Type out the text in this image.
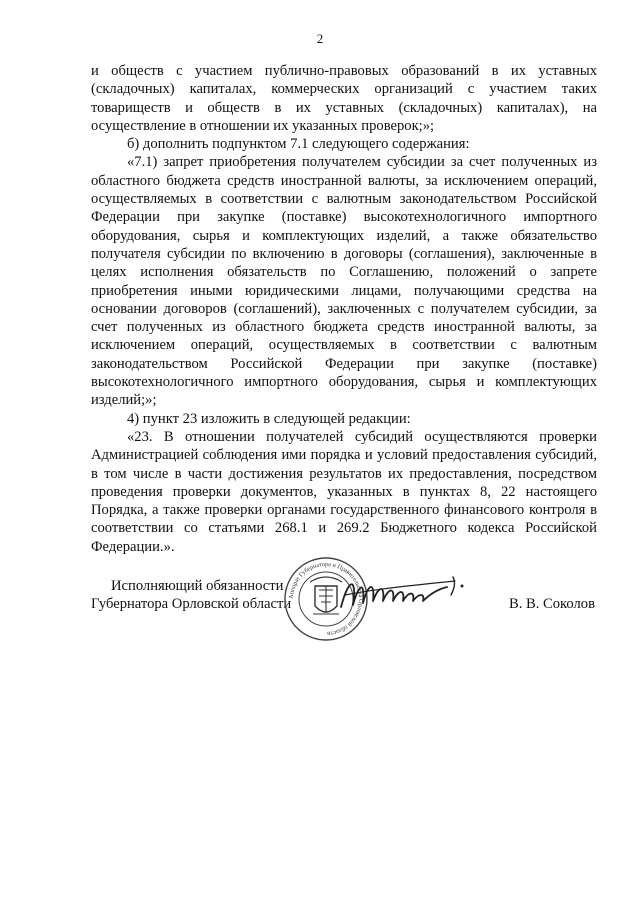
2

и обществ с участием публично-правовых образований в их уставных (складочных) капиталах, коммерческих организаций с участием таких товариществ и обществ в их уставных (складочных) капиталах), на осуществление в отношении их указанных проверок;»;

б) дополнить подпунктом 7.1 следующего содержания:

«7.1) запрет приобретения получателем субсидии за счет полученных из областного бюджета средств иностранной валюты, за исключением операций, осуществляемых в соответствии с валютным законодательством Российской Федерации при закупке (поставке) высокотехнологичного импортного оборудования, сырья и комплектующих изделий, а также обязательство получателя субсидии по включению в договоры (соглашения), заключенные в целях исполнения обязательств по Соглашению, положений о запрете приобретения иными юридическими лицами, получающими средства на основании договоров (соглашений), заключенных с получателем субсидии, за счет полученных из областного бюджета средств иностранной валюты, за исключением операций, осуществляемых в соответствии с валютным законодательством Российской Федерации при закупке (поставке) высокотехнологичного импортного оборудования, сырья и комплектующих изделий;»;

4) пункт 23 изложить в следующей редакции:

«23. В отношении получателей субсидий осуществляются проверки Администрацией соблюдения ими порядка и условий предоставления субсидий, в том числе в части достижения результатов их предоставления, посредством проведения проверки документов, указанных в пунктах 8, 22 настоящего Порядка, а также проверки органами государственного финансового контроля в соответствии со статьями 268.1 и 269.2 Бюджетного кодекса Российской Федерации.».

Исполняющий обязанности
Губернатора Орловской области
Аппарат Губернатора и Правительства Орловской области
В. В. Соколов
